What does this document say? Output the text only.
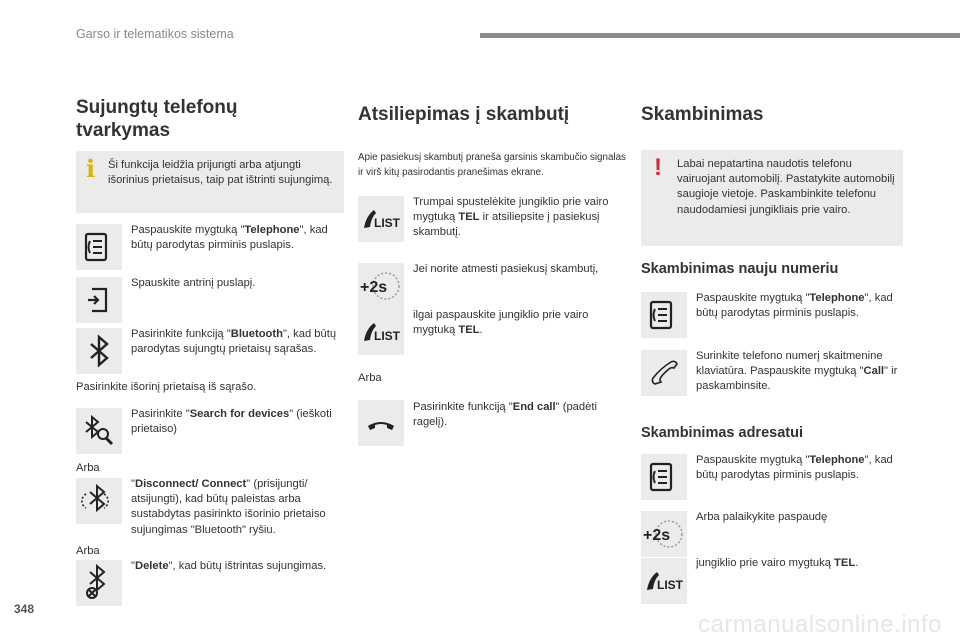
Garso ir telematikos sistema
348
carmanualsonline.info
Sujungtų telefonų tvarkymas
i Ši funkcija leidžia prijungti arba atjungti išorinius prietaisus, taip pat ištrinti sujungimą.
Paspauskite mygtuką "Telephone", kad būtų parodytas pirminis puslapis.
Spauskite antrinį puslapį.
Pasirinkite funkciją "Bluetooth", kad būtų parodytas sujungtų prietaisų sąrašas.
Pasirinkite išorinį prietaisą iš sąrašo.
Pasirinkite "Search for devices" (ieškoti prietaiso)
Arba
"Disconnect/ Connect" (prisijungti/ atsijungti), kad būtų paleistas arba sustabdytas pasirinkto išorinio prietaiso sujungimas "Bluetooth" ryšiu.
Arba
"Delete", kad būtų ištrintas sujungimas.
Atsiliepimas į skambutį
Apie pasiekusį skambutį praneša garsinis skambučio signalas ir virš kitų pasirodantis pranešimas ekrane.
LIST
Trumpai spustelėkite jungiklio prie vairo mygtuką TEL ir atsiliepsite į pasiekusį skambutį.
+2s
Jei norite atmesti pasiekusį skambutį,
LIST
ilgai paspauskite jungiklio prie vairo mygtuką TEL.
Arba
Pasirinkite funkciją "End call" (padėti ragelį).
Skambinimas
! Labai nepatartina naudotis telefonu vairuojant automobilį. Pastatykite automobilį saugioje vietoje. Paskambinkite telefonu naudodamiesi jungikliais prie vairo.
Skambinimas nauju numeriu
Paspauskite mygtuką "Telephone", kad būtų parodytas pirminis puslapis.
Surinkite telefono numerį skaitmenine klaviatūra. Paspauskite mygtuką "Call" ir paskambinsite.
Skambinimas adresatui
Paspauskite mygtuką "Telephone", kad būtų parodytas pirminis puslapis.
+2s
Arba palaikykite paspaudę
LIST
jungiklio prie vairo mygtuką TEL.
